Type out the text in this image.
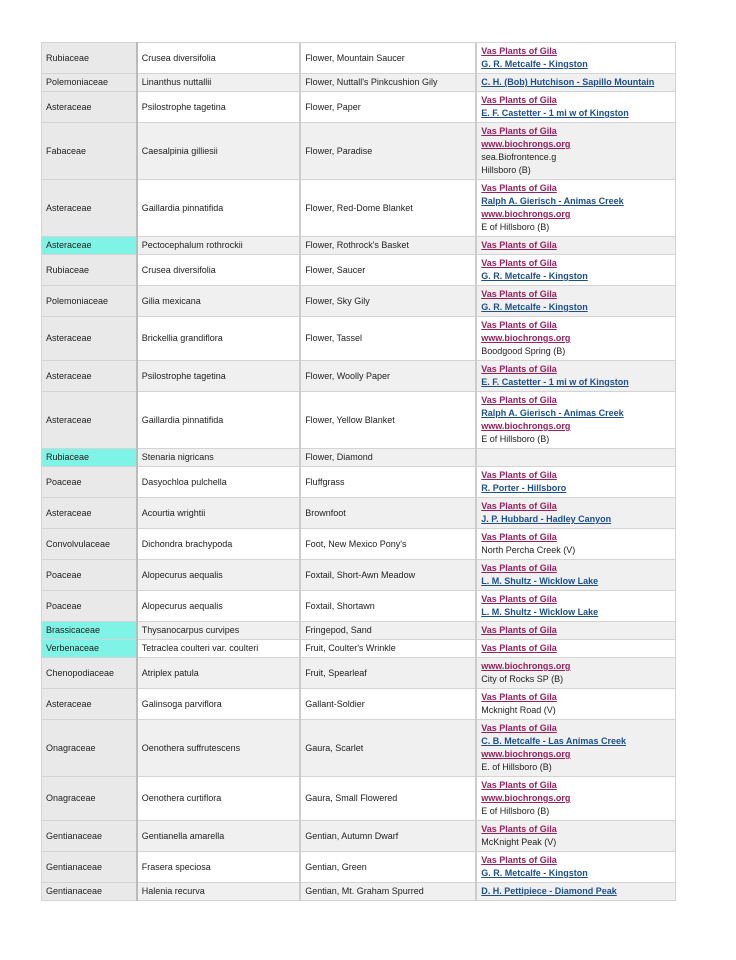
Rubiaceae	Crusea diversifolia	Flower, Mountain Saucer	Vas Plants of Gila
G. R. Metcalfe - Kingston

Polemoniaceae	Linanthus nuttallii	Flower, Nuttall's Pinkcushion Gily	C. H. (Bob) Hutchison - Sapillo Mountain

Asteraceae	Psilostrophe tagetina	Flower, Paper	Vas Plants of Gila
E. F. Castetter - 1 mi w of Kingston

Fabaceae	Caesalpinia gilliesii	Flower, Paradise	Vas Plants of Gila
www.biochrongs.org
sea.Biofrontence.g
Hillsboro (B)

Asteraceae	Gaillardia pinnatifida	Flower, Red-Dome Blanket	Vas Plants of Gila
Ralph A. Gierisch - Animas Creek
www.biochrongs.org
E of Hillsboro (B)

Asteraceae	Pectocephalum rothrockii	Flower, Rothrock's Basket	Vas Plants of Gila

Rubiaceae	Crusea diversifolia	Flower, Saucer	Vas Plants of Gila
G. R. Metcalfe - Kingston

Polemoniaceae	Gilia mexicana	Flower, Sky Gily	Vas Plants of Gila
G. R. Metcalfe - Kingston

Asteraceae	Brickellia grandiflora	Flower, Tassel	Vas Plants of Gila
www.biochrongs.org
Boodgood Spring (B)

Asteraceae	Psilostrophe tagetina	Flower, Woolly Paper	Vas Plants of Gila
E. F. Castetter - 1 mi w of Kingston

Asteraceae	Gaillardia pinnatifida	Flower, Yellow Blanket	Vas Plants of Gila
Ralph A. Gierisch - Animas Creek
www.biochrongs.org
E of Hillsboro (B)

Rubiaceae	Stenaria nigricans	Flower, Diamond	
Poaceae	Dasyochloa pulchella	Fluffgrass	Vas Plants of Gila
R. Porter - Hillsboro

Asteraceae	Acourtia wrightii	Brownfoot	Vas Plants of Gila
J. P. Hubbard - Hadley Canyon

Convolvulaceae	Dichondra brachypoda	Foot, New Mexico Pony's	Vas Plants of Gila
North Percha Creek (V)

Poaceae	Alopecurus aequalis	Foxtail, Short-Awn Meadow	Vas Plants of Gila
L. M. Shultz - Wicklow Lake

Poaceae	Alopecurus aequalis	Foxtail, Shortawn	Vas Plants of Gila
L. M. Shultz - Wicklow Lake

Brassicaceae	Thysanocarpus curvipes	Fringepod, Sand	Vas Plants of Gila

Verbenaceae	Tetraclea coulteri var. coulteri	Fruit, Coulter's Wrinkle	Vas Plants of Gila

Chenopodiaceae	Atriplex patula	Fruit, Spearleaf	www.biochrongs.org
City of Rocks SP (B)

Asteraceae	Galinsoga parviflora	Gallant-Soldier	Vas Plants of Gila
Mcknight Road (V)

Onagraceae	Oenothera suffrutescens	Gaura, Scarlet	Vas Plants of Gila
C. B. Metcalfe - Las Animas Creek
www.biochrongs.org
E. of Hillsboro (B)

Onagraceae	Oenothera curtiflora	Gaura, Small Flowered	Vas Plants of Gila
www.biochrongs.org
E of Hillsboro (B)

Gentianaceae	Gentianella amarella	Gentian, Autumn Dwarf	Vas Plants of Gila
McKnight Peak (V)

Gentianaceae	Frasera speciosa	Gentian, Green	Vas Plants of Gila
G. R. Metcalfe - Kingston

Gentianaceae	Halenia recurva	Gentian, Mt. Graham Spurred	D. H. Pettipiece - Diamond Peak
